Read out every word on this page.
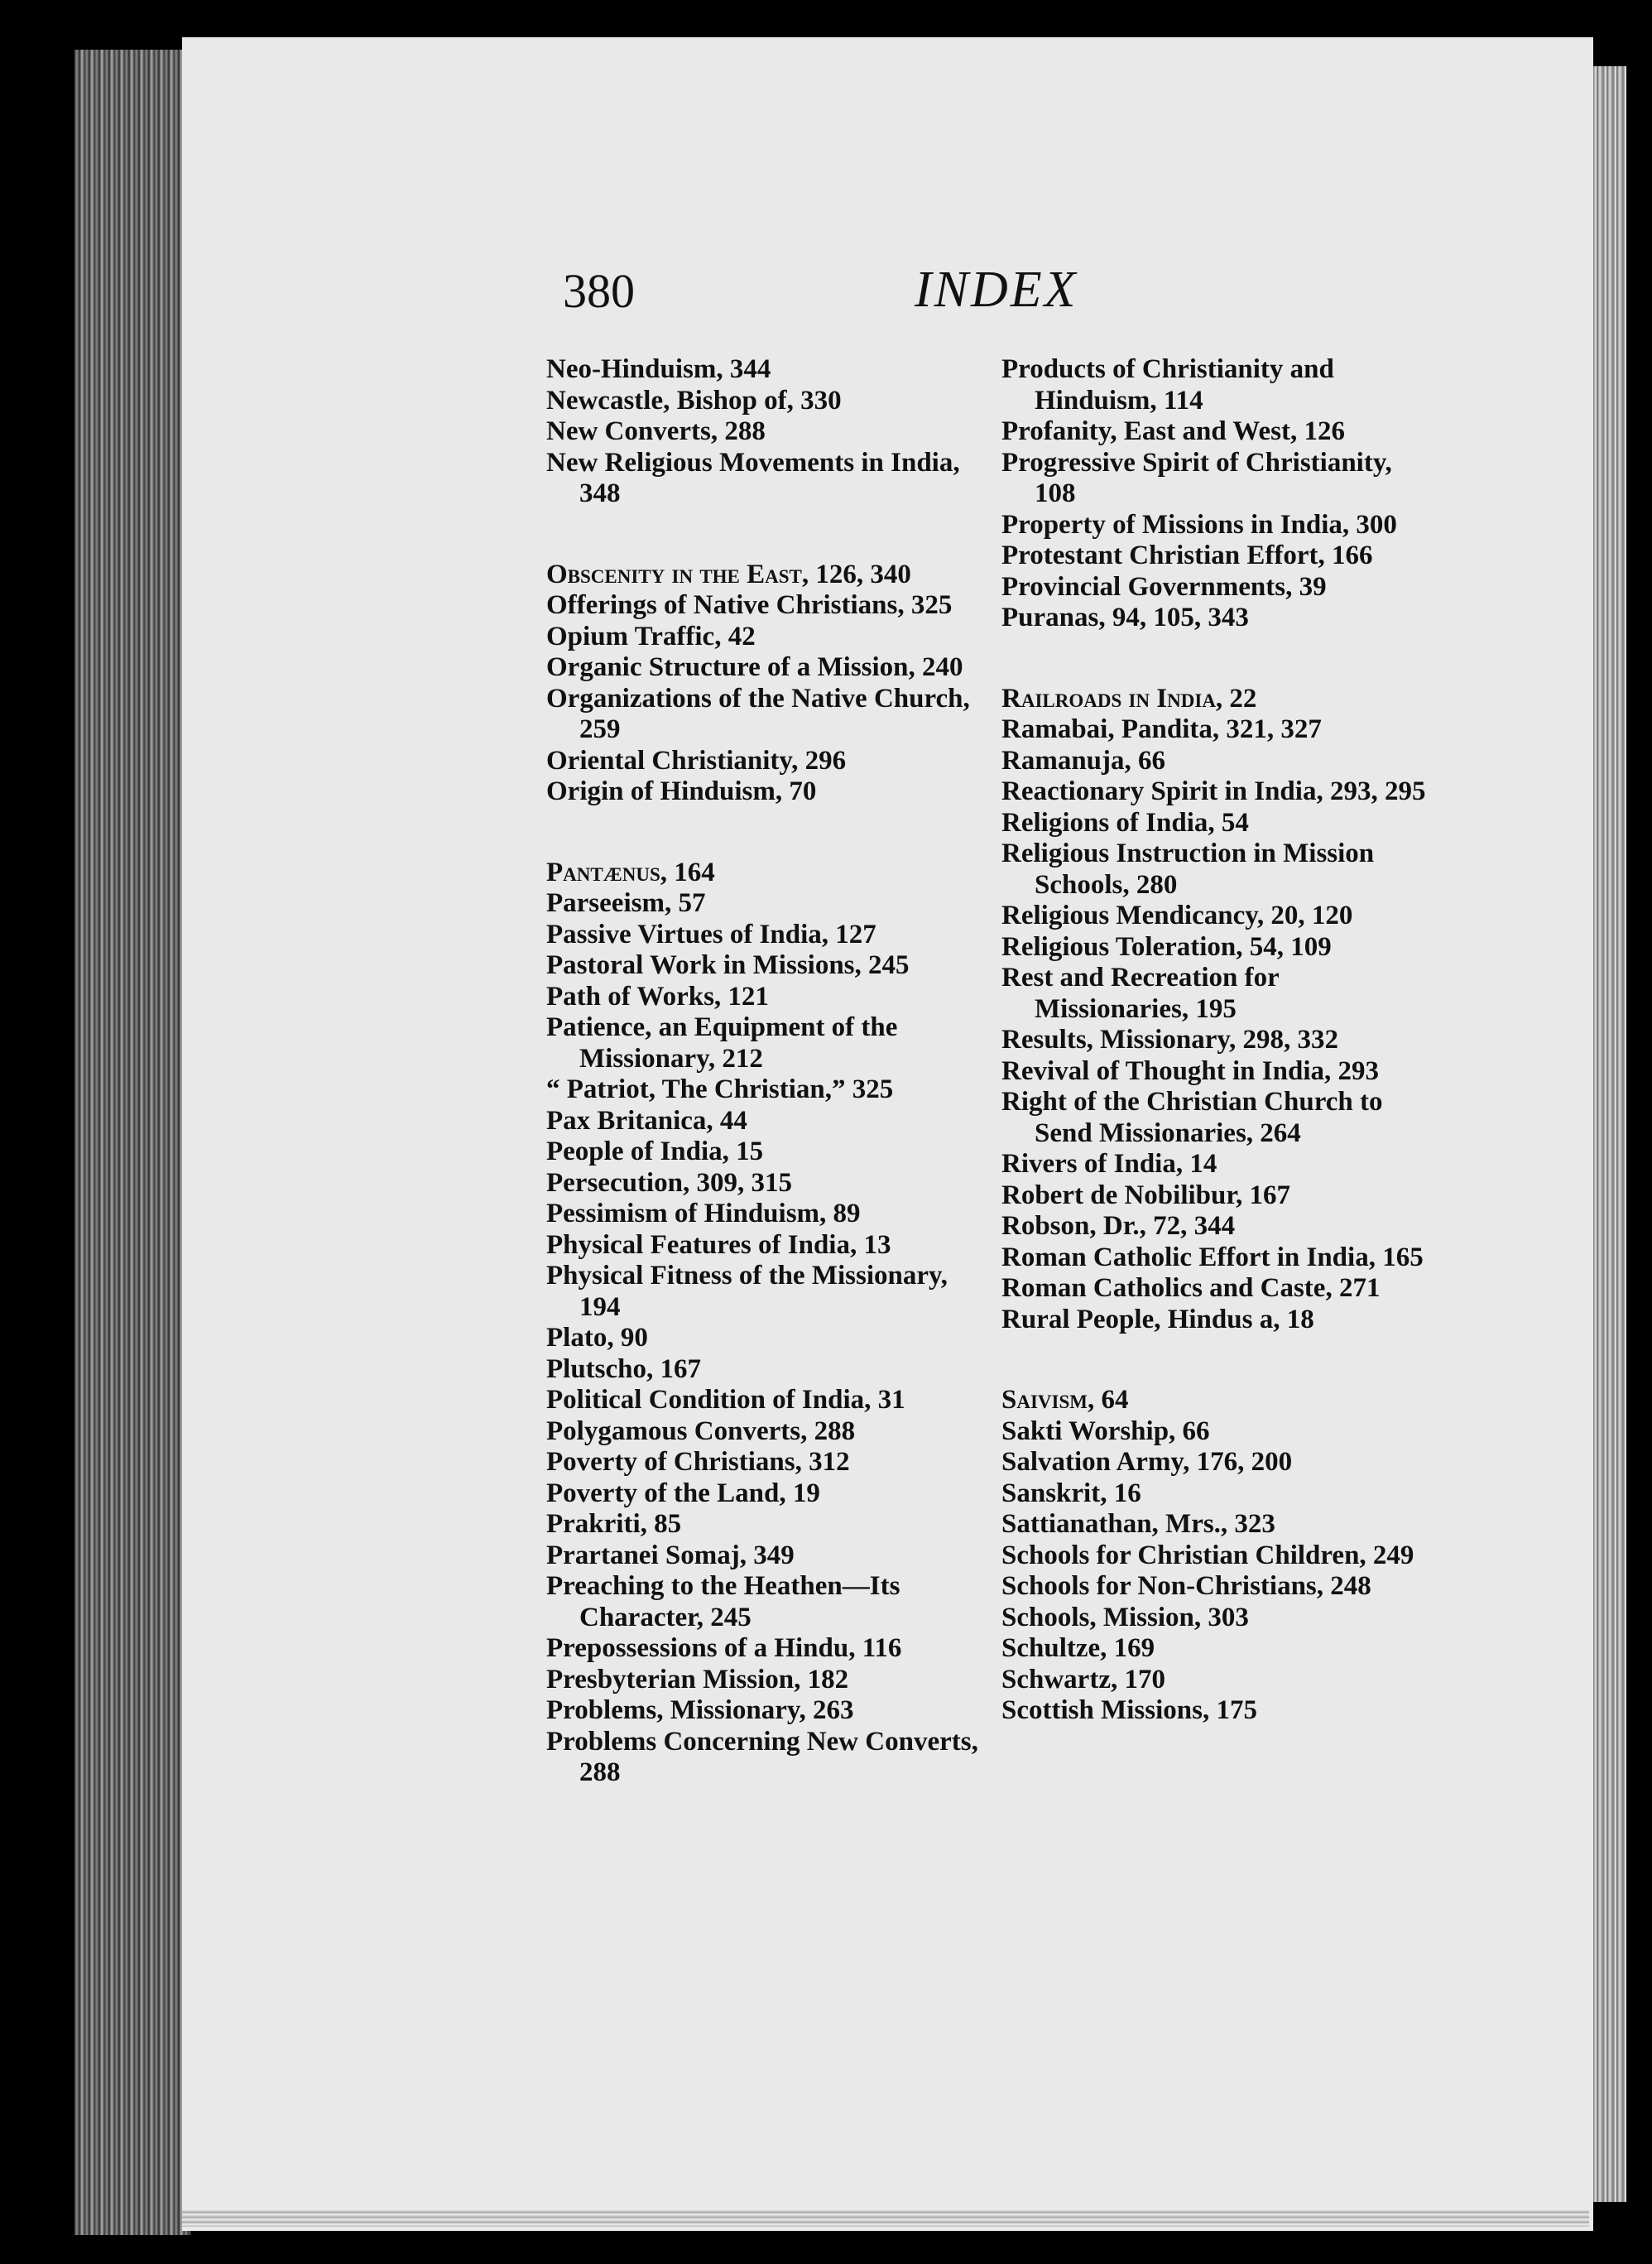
380	INDEX
Neo-Hinduism, 344
Newcastle, Bishop of, 330
New Converts, 288
New Religious Movements in India, 348
Obscenity in the East, 126, 340
Offerings of Native Christians, 325
Opium Traffic, 42
Organic Structure of a Mission, 240
Organizations of the Native Church, 259
Oriental Christianity, 296
Origin of Hinduism, 70
Pantænus, 164
Parseeism, 57
Passive Virtues of India, 127
Pastoral Work in Missions, 245
Path of Works, 121
Patience, an Equipment of the Missionary, 212
“ Patriot, The Christian,” 325
Pax Britanica, 44
People of India, 15
Persecution, 309, 315
Pessimism of Hinduism, 89
Physical Features of India, 13
Physical Fitness of the Missionary, 194
Plato, 90
Plutscho, 167
Political Condition of India, 31
Polygamous Converts, 288
Poverty of Christians, 312
Poverty of the Land, 19
Prakriti, 85
Prartanei Somaj, 349
Preaching to the Heathen—Its Character, 245
Prepossessions of a Hindu, 116
Presbyterian Mission, 182
Problems, Missionary, 263
Problems Concerning New Converts, 288
Products of Christianity and Hinduism, 114
Profanity, East and West, 126
Progressive Spirit of Christianity, 108
Property of Missions in India, 300
Protestant Christian Effort, 166
Provincial Governments, 39
Puranas, 94, 105, 343
Railroads in India, 22
Ramabai, Pandita, 321, 327
Ramanuja, 66
Reactionary Spirit in India, 293, 295
Religions of India, 54
Religious Instruction in Mission Schools, 280
Religious Mendicancy, 20, 120
Religious Toleration, 54, 109
Rest and Recreation for Missionaries, 195
Results, Missionary, 298, 332
Revival of Thought in India, 293
Right of the Christian Church to Send Missionaries, 264
Rivers of India, 14
Robert de Nobilibur, 167
Robson, Dr., 72, 344
Roman Catholic Effort in India, 165
Roman Catholics and Caste, 271
Rural People, Hindus a, 18
Saivism, 64
Sakti Worship, 66
Salvation Army, 176, 200
Sanskrit, 16
Sattianathan, Mrs., 323
Schools for Christian Children, 249
Schools for Non-Christians, 248
Schools, Mission, 303
Schultze, 169
Schwartz, 170
Scottish Missions, 175
